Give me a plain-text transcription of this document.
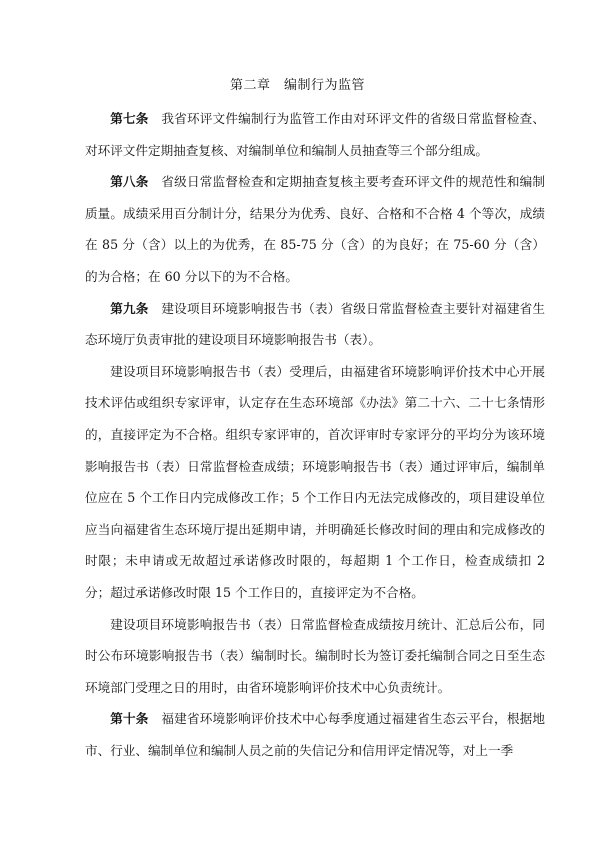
第二章　编制行为监管

第七条　我省环评文件编制行为监管工作由对环评文件的省级日常监督检查、对环评文件定期抽查复核、对编制单位和编制人员抽查等三个部分组成。

第八条　省级日常监督检查和定期抽查复核主要考查环评文件的规范性和编制质量。成绩采用百分制计分，结果分为优秀、良好、合格和不合格 4 个等次，成绩在 85 分（含）以上的为优秀，在 85-75 分（含）的为良好；在 75-60 分（含）的为合格；在 60 分以下的为不合格。

第九条　建设项目环境影响报告书（表）省级日常监督检查主要针对福建省生态环境厅负责审批的建设项目环境影响报告书（表）。

建设项目环境影响报告书（表）受理后，由福建省环境影响评价技术中心开展技术评估或组织专家评审，认定存在生态环境部《办法》第二十六、二十七条情形的，直接评定为不合格。组织专家评审的，首次评审时专家评分的平均分为该环境影响报告书（表）日常监督检查成绩；环境影响报告书（表）通过评审后，编制单位应在 5 个工作日内完成修改工作；5 个工作日内无法完成修改的，项目建设单位应当向福建省生态环境厅提出延期申请，并明确延长修改时间的理由和完成修改的时限；未申请或无故超过承诺修改时限的，每超期 1 个工作日，检查成绩扣 2 分；超过承诺修改时限 15 个工作日的，直接评定为不合格。

建设项目环境影响报告书（表）日常监督检查成绩按月统计、汇总后公布，同时公布环境影响报告书（表）编制时长。编制时长为签订委托编制合同之日至生态环境部门受理之日的用时，由省环境影响评价技术中心负责统计。

第十条　福建省环境影响评价技术中心每季度通过福建省生态云平台，根据地市、行业、编制单位和编制人员之前的失信记分和信用评定情况等，对上一季
